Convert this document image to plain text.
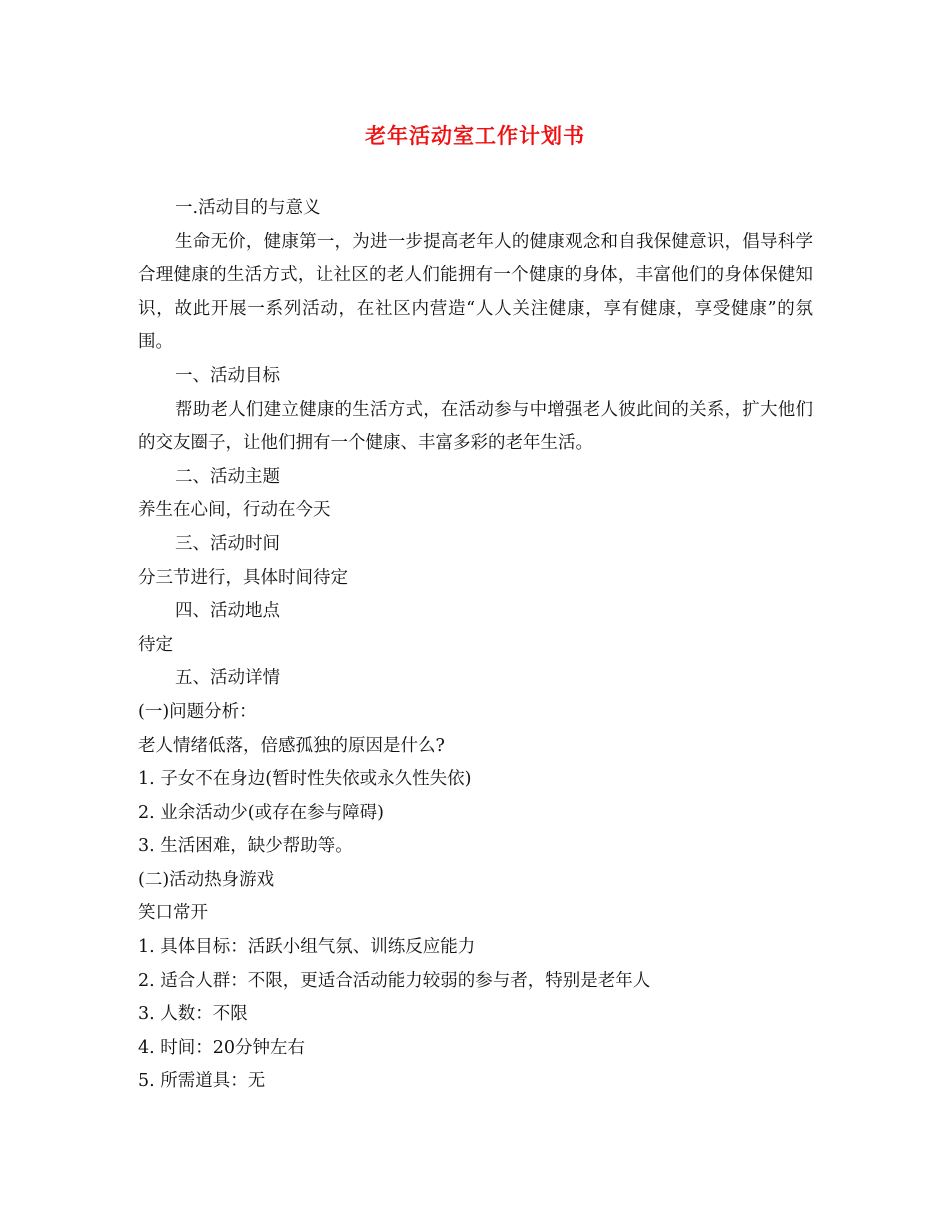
老年活动室工作计划书

一.活动目的与意义

生命无价，健康第一，为进一步提高老年人的健康观念和自我保健意识，倡导科学合理健康的生活方式，让社区的老人们能拥有一个健康的身体，丰富他们的身体保健知识，故此开展一系列活动，在社区内营造“人人关注健康，享有健康，享受健康”的氛围。

一、活动目标

帮助老人们建立健康的生活方式，在活动参与中增强老人彼此间的关系，扩大他们的交友圈子，让他们拥有一个健康、丰富多彩的老年生活。

二、活动主题

养生在心间，行动在今天

三、活动时间

分三节进行，具体时间待定

四、活动地点

待定

五、活动详情

(一)问题分析：

老人情绪低落，倍感孤独的原因是什么?

1. 子女不在身边(暂时性失依或永久性失依)

2. 业余活动少(或存在参与障碍)

3. 生活困难，缺少帮助等。

(二)活动热身游戏

笑口常开

1. 具体目标：活跃小组气氛、训练反应能力

2. 适合人群：不限，更适合活动能力较弱的参与者，特别是老年人

3. 人数：不限

4. 时间：20分钟左右

5. 所需道具：无
